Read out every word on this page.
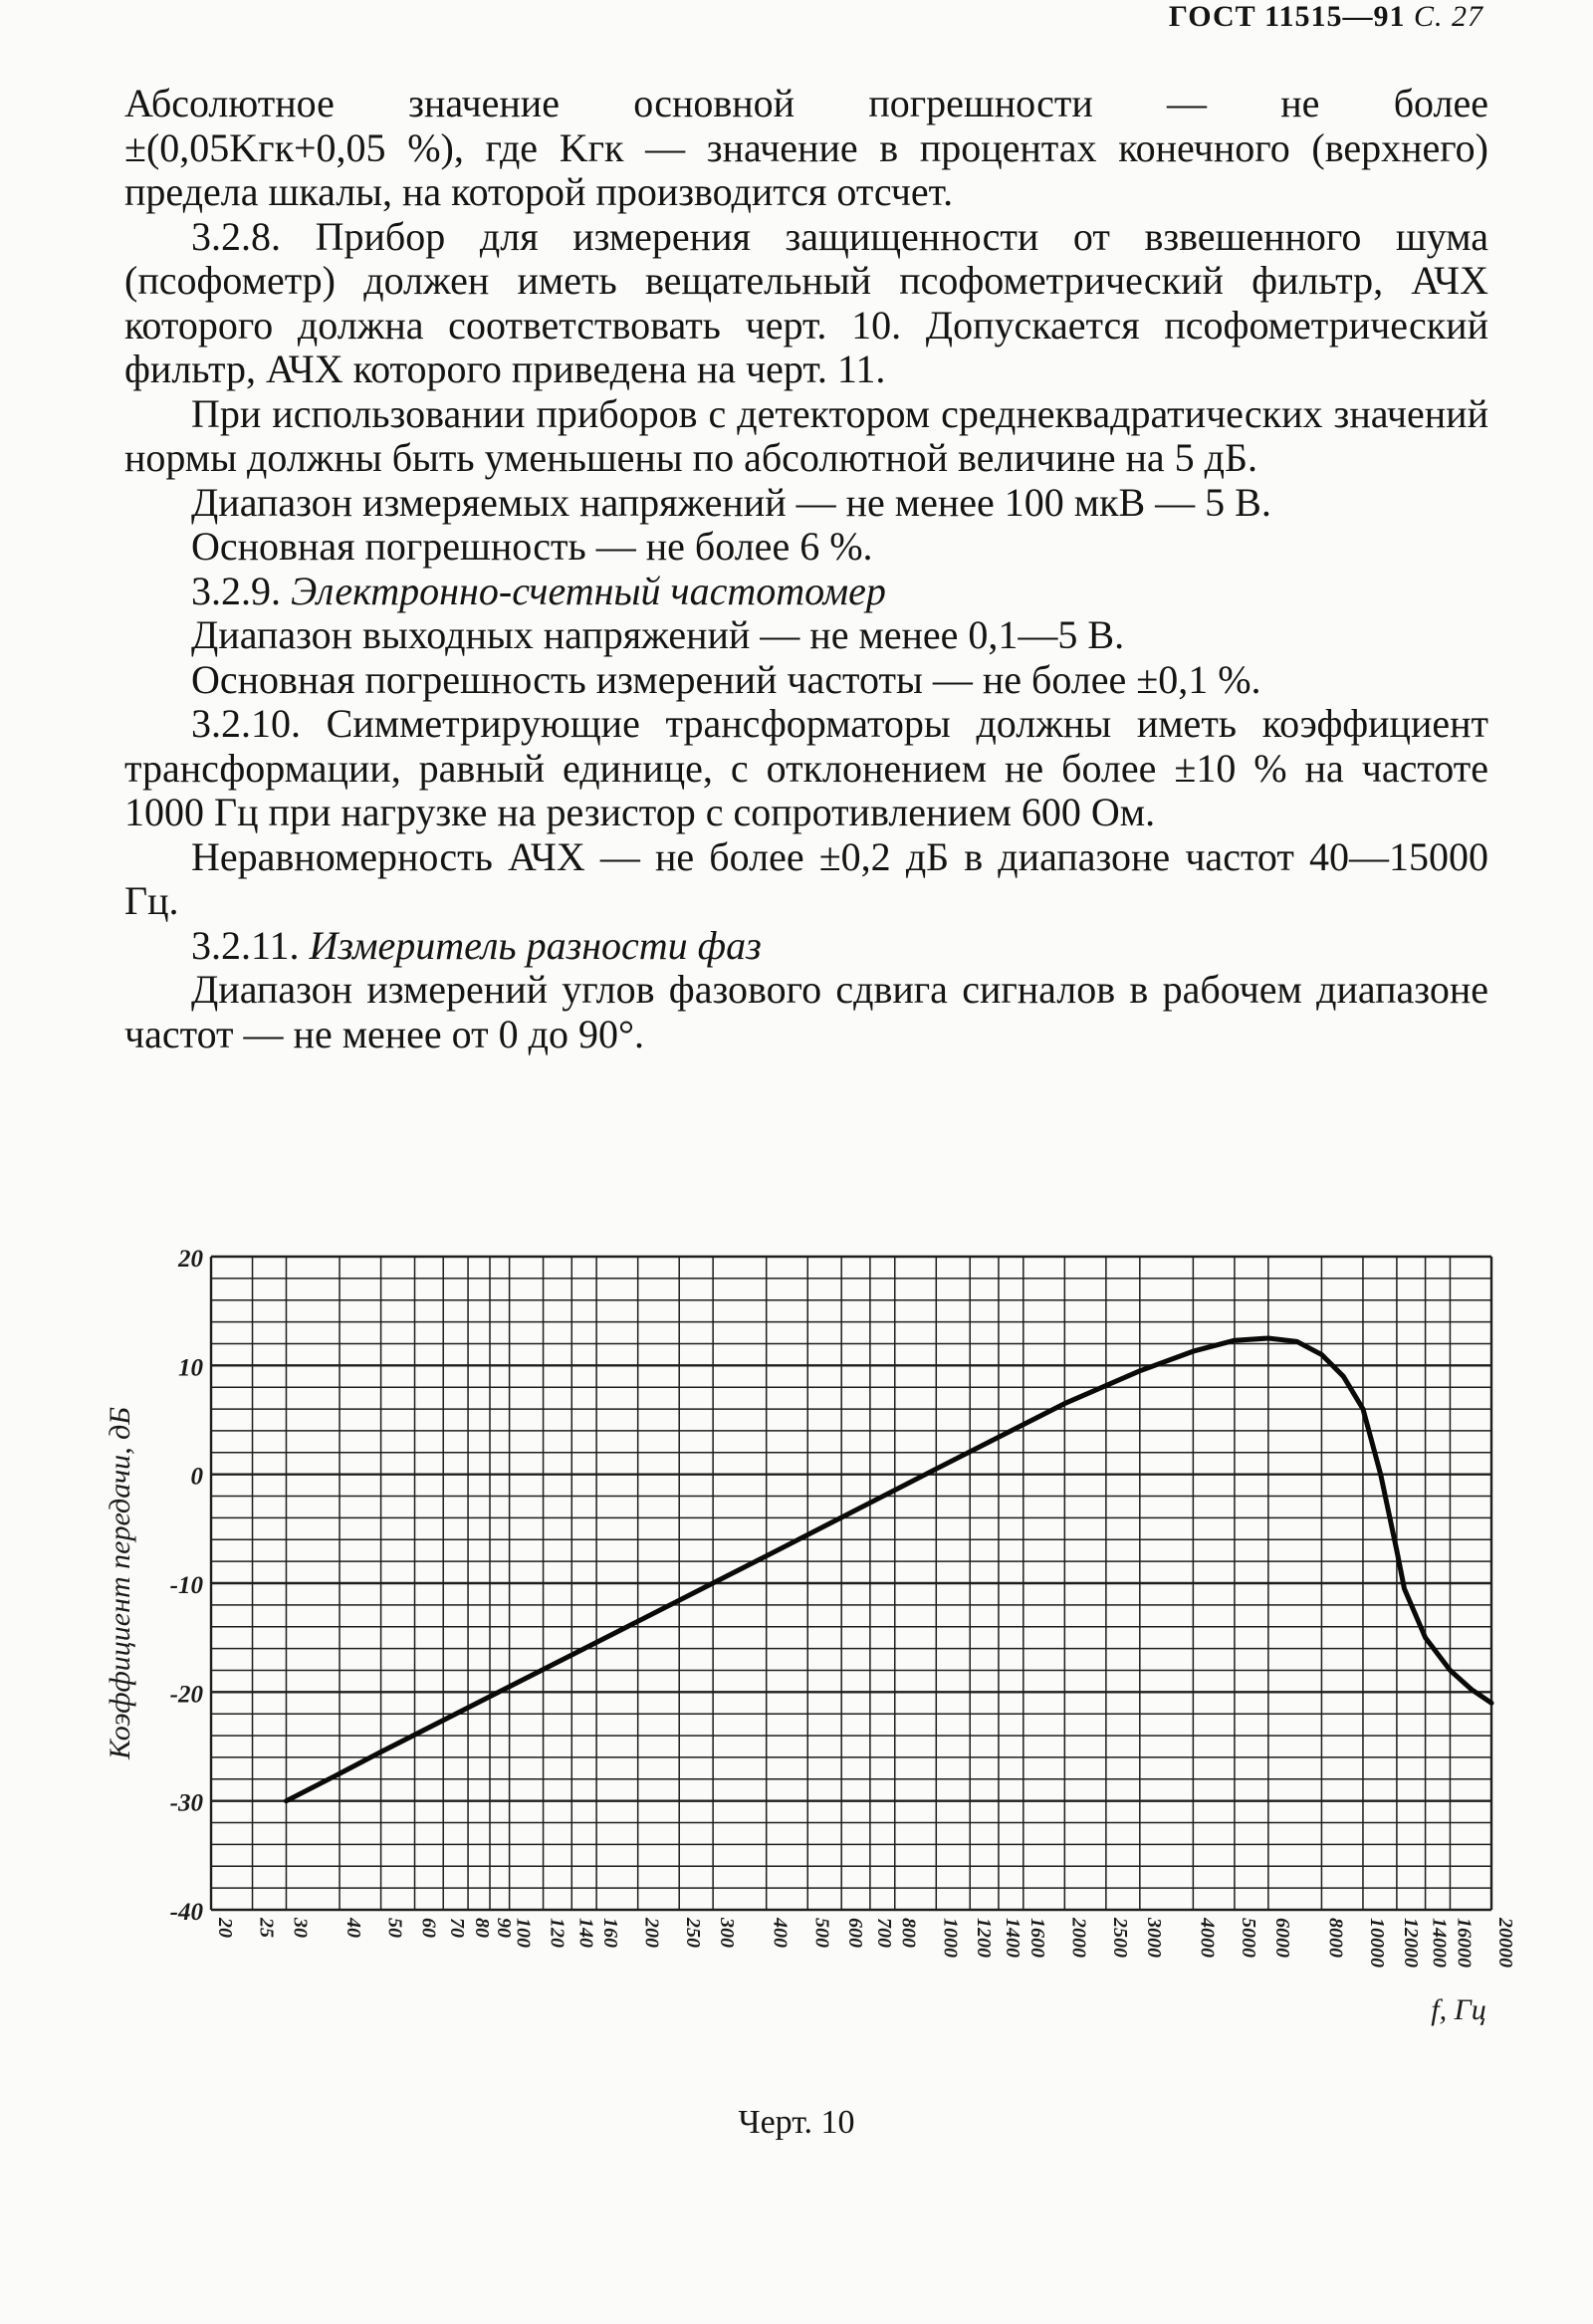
ГОСТ 11515—91 С. 27

Абсолютное значение основной погрешности — не более

±(0,05Kгк+0,05 %), где Kгк — значение в процентах конечного (верхнего) предела шкалы, на которой производится отсчет.

3.2.8. Прибор для измерения защищенности от взвешенного шума (псофометр) должен иметь вещательный псофометрический фильтр, АЧХ которого должна соответствовать черт. 10. Допускается псофометрический фильтр, АЧХ которого приведена на черт. 11.

При использовании приборов с детектором среднеквадратических значений нормы должны быть уменьшены по абсолютной величине на 5 дБ.

Диапазон измеряемых напряжений — не менее 100 мкВ — 5 В.

Основная погрешность — не более 6 %.

3.2.9. Электронно-счетный частотомер

Диапазон выходных напряжений — не менее 0,1—5 В.

Основная погрешность измерений частоты — не более ±0,1 %.

3.2.10. Симметрирующие трансформаторы должны иметь коэффициент трансформации, равный единице, с отклонением не более ±10 % на частоте 1000 Гц при нагрузке на резистор с сопротивлением 600 Ом.

Неравномерность АЧХ — не более ±0,2 дБ в диапазоне частот 40—15000 Гц.

3.2.11. Измеритель разности фаз

Диапазон измерений углов фазового сдвига сигналов в рабочем диапазоне частот — не менее от 0 до 90°.

20
10
0
-10
-20
-30
-40
20 25 30 40 50 60 70 80 90
100 120 140 160 200 250 300 400 500 600 700 800 1000 1200 1400 1600 2000 2500 3000 4000 5000 6000 8000 10000 12000 14000 16000 20000
Коэффициент передачи, дБ
f, Гц
Черт. 10
